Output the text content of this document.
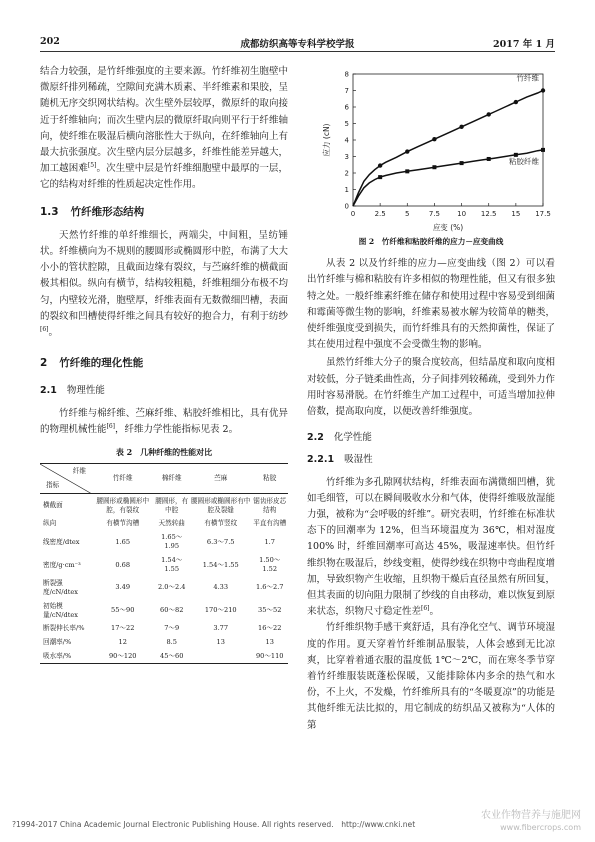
202	成都纺织高等专科学校学报	2017 年 1 月

结合力较强，是竹纤维强度的主要来源。竹纤维初生胞壁中微原纤排列稀疏，空隙间充满木质素、半纤维素和果胶，呈随机无序交织网状结构。次生壁外层较厚，微原纤的取向接近于纤维轴向；而次生壁内层的微原纤取向则平行于纤维轴向，使纤维在吸湿后横向溶胀性大于纵向，在纤维轴向上有最大抗张强度。次生壁内层分层越多，纤维性能差异越大，加工越困难[5]。次生壁中层是竹纤维细胞壁中最厚的一层，它的结构对纤维的性质起决定性作用。

1.3 竹纤维形态结构

天然竹纤维的单纤维细长，两端尖，中间粗，呈纺锤状。纤维横向为不规则的腰圆形或椭圆形中腔，布满了大大小小的管状腔隙，且截面边缘有裂纹，与苎麻纤维的横截面极其相似。纵向有横节，结构较粗糙，纤维粗细分布极不均匀，内壁较光滑，胞壁厚，纤维表面有无数微细凹槽，表面的裂纹和凹槽使得纤维之间具有较好的抱合力，有利于纺纱[6]。

2 竹纤维的理化性能
2.1 物理性能

竹纤维与棉纤维、苎麻纤维、粘胶纤维相比，具有优异的物理机械性能[6]，纤维力学性能指标见表 2。

表 2　几种纤维的性能对比
纤维
指标	竹纤维	棉纤维	苎麻	粘胶
横截面	腰圆形或椭圆形中腔，有裂纹	腰圆形，有中腔	腰圆形或椭圆形有中腔及裂缝	锯齿形皮芯结构
纵向	有横节沟槽	天然转曲	有横节竖纹	平直有沟槽
线密度/dtex	1.65	1.65～1.95	6.3～7.5	1.7
密度/g·cm⁻³	0.68	1.54～1.55	1.54～1.55	1.50～1.52
断裂强度/cN/dtex	3.49	2.0～2.4	4.33	1.6～2.7
初始模量/cN/dtex	55～90	60～82	170～210	35～52
断裂伸长率/%	17～22	7～9	3.77	16～22
回潮率/%	12	8.5	13	13
吸水率/%	90～120	45～60		90～110
0	2.5	5	7.5 10 12.5 15 17.5
0
1
2
3
4
5
6
7
8
应变 (%)
应力 (cN)
竹纤维
粘胶纤维
图 2　竹纤维和粘胶纤维的应力－应变曲线

从表 2 以及竹纤维的应力—应变曲线（图 2）可以看出竹纤维与棉和粘胶有许多相似的物理性能，但又有很多独特之处。一般纤维素纤维在储存和使用过程中容易受到细菌和霉菌等微生物的影响，纤维素易被水解为较简单的糖类，使纤维强度受到损失，而竹纤维具有的天然抑菌性，保证了其在使用过程中强度不会受微生物的影响。

虽然竹纤维大分子的聚合度较高，但结晶度和取向度相对较低，分子链柔曲性高，分子间排列较稀疏，受到外力作用时容易滑脱。在竹纤维生产加工过程中，可适当增加拉伸倍数，提高取向度，以便改善纤维强度。

2.2 化学性能
2.2.1 吸湿性

竹纤维为多孔隙网状结构，纤维表面布满微细凹槽，犹如毛细管，可以在瞬间吸收水分和气体，使得纤维吸放湿能力强，被称为“会呼吸的纤维”。研究表明，竹纤维在标准状态下的回潮率为 12%，但当环境温度为 36℃，相对湿度 100% 时，纤维回潮率可高达 45%，吸湿速率快。但竹纤维织物在吸湿后，纱线变粗，使得纱线在织物中弯曲程度增加，导致织物产生收缩，且织物干燥后直径虽然有所回复，但其表面的切向阻力限制了纱线的自由移动，难以恢复到原来状态，织物尺寸稳定性差[6]。

竹纤维织物手感干爽舒适，具有净化空气、调节环境湿度的作用。夏天穿着竹纤维制品服装，人体会感到无比凉爽，比穿着着通衣服的温度低 1℃～2℃，而在寒冬季节穿着竹纤维服装既蓬松保暖，又能排除体内多余的热气和水份，不上火，不发燥，竹纤维所具有的“冬暖夏凉”的功能是其他纤维无法比拟的，用它制成的纺织品又被称为“人体的第

?1994-2017 China Academic Journal Electronic Publishing House. All rights reserved.　http://www.cnki.net
农业作物营养与施肥网
www.fibercrops.com
